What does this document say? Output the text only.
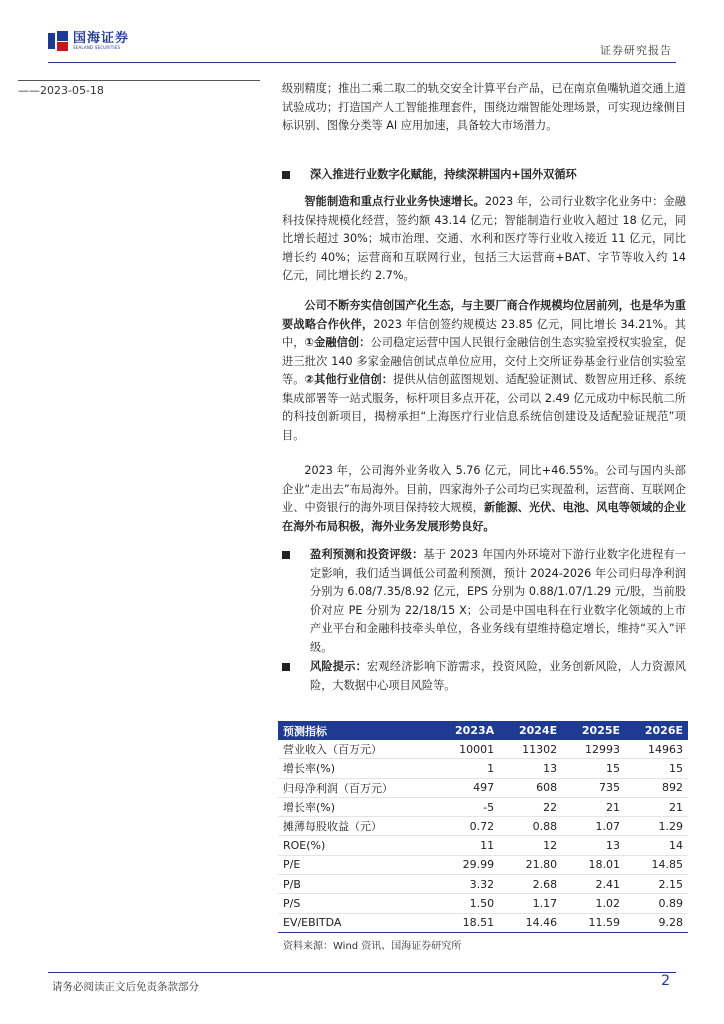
国海证券
SEALAND SECURITIES	证券研究报告
——2023-05-18	级别精度；推出二乘二取二的轨交安全计算平台产品，已在南京鱼嘴轨道交通上道试验成功；打造国产人工智能推理套件，围绕边端智能处理场景，可实现边缘侧目标识别、图像分类等 AI 应用加速，具备较大市场潜力。

深入推进行业数字化赋能，持续深耕国内+国外双循环

智能制造和重点行业业务快速增长。2023 年，公司行业数字化业务中：金融科技保持规模化经营，签约额 43.14 亿元；智能制造行业收入超过 18 亿元，同比增长超过 30%；城市治理、交通、水利和医疗等行业收入接近 11 亿元，同比增长约 40%；运营商和互联网行业，包括三大运营商+BAT、字节等收入约 14 亿元，同比增长约 2.7%。

公司不断夯实信创国产化生态，与主要厂商合作规模均位居前列，也是华为重要战略合作伙伴，2023 年信创签约规模达 23.85 亿元，同比增长 34.21%。其中，①金融信创：公司稳定运营中国人民银行金融信创生态实验室授权实验室，促进三批次 140 多家金融信创试点单位应用，交付上交所证券基金行业信创实验室等。②其他行业信创：提供从信创蓝图规划、适配验证测试、数智应用迁移、系统集成部署等一站式服务，标杆项目多点开花，公司以 2.49 亿元成功中标民航二所的科技创新项目，揭榜承担“上海医疗行业信息系统信创建设及适配验证规范”项目。

2023 年，公司海外业务收入 5.76 亿元，同比+46.55%。公司与国内头部企业“走出去”布局海外。目前，四家海外子公司均已实现盈利，运营商、互联网企业、中资银行的海外项目保持较大规模，新能源、光伏、电池、风电等领域的企业在海外布局积极，海外业务发展形势良好。

盈利预测和投资评级：基于 2023 年国内外环境对下游行业数字化进程有一定影响，我们适当调低公司盈利预测，预计 2024-2026 年公司归母净利润分别为 6.08/7.35/8.92 亿元，EPS 分别为 0.88/1.07/1.29 元/股，当前股价对应 PE 分别为 22/18/15 X；公司是中国电科在行业数字化领域的上市产业平台和金融科技牵头单位，各业务线有望维持稳定增长，维持“买入”评级。

风险提示：宏观经济影响下游需求，投资风险，业务创新风险，人力资源风险，大数据中心项目风险等。

预测指标	2023A	2024E	2025E	2026E
营业收入（百万元）	10001	11302	12993	14963
增长率(%)	1	13	15	15
归母净利润（百万元）	497	608	735	892
增长率(%)	-5	22	21	21
摊薄每股收益（元）	0.72	0.88	1.07	1.29
ROE(%)	11	12	13	14
P/E	29.99	21.80	18.01	14.85
P/B	3.32	2.68	2.41	2.15
P/S	1.50	1.17	1.02	0.89
EV/EBITDA	18.51	14.46	11.59	9.28
资料来源：Wind 资讯、国海证券研究所
请务必阅读正文后免责条款部分	2
